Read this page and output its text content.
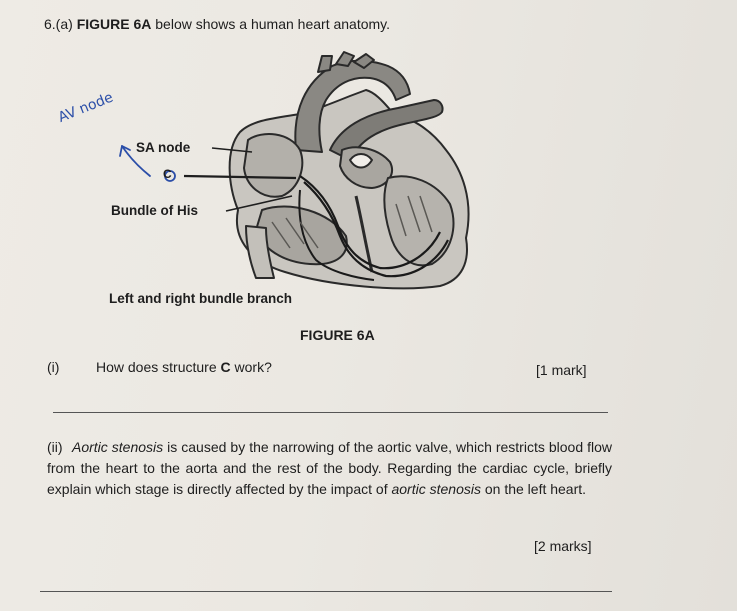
6.(a) FIGURE 6A below shows a human heart anatomy.
AV node
SA node
C
Bundle of His
Left and right bundle branch
FIGURE 6A
(i)	How does structure C work?	[1 mark]
(ii) Aortic stenosis is caused by the narrowing of the aortic valve, which restricts blood flow from the heart to the aorta and the rest of the body. Regarding the cardiac cycle, briefly explain which stage is directly affected by the impact of aortic stenosis on the left heart.
[2 marks]
